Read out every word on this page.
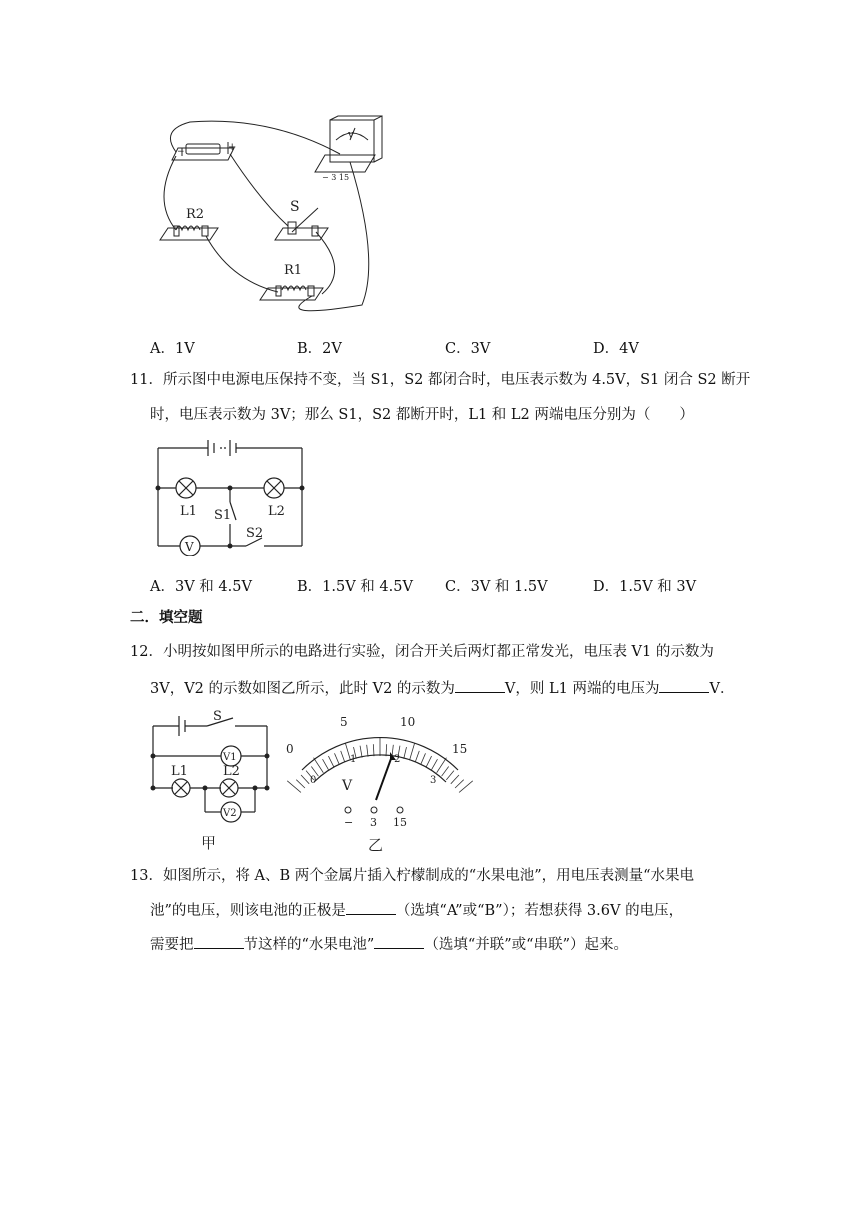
−	+
V
− 3 15
R2	S
R1
A．1V	B．2V	C．3V	D．4V
11．所示图中电源电压保持不变，当 S1，S2 都闭合时，电压表示数为 4.5V，S1 闭合 S2 断开
时，电压表示数为 3V；那么 S1，S2 都断开时，L1 和 L2 两端电压分别为（　　）
L1	L2
S1
S2
V
A．3V 和 4.5V	B．1.5V 和 4.5V C．3V 和 1.5V	D．1.5V 和 3V
二．填空题
12．小明按如图甲所示的电路进行实验，闭合开关后两灯都正常发光，电压表 V1 的示数为
3V，V2 的示数如图乙所示，此时 V2 的示数为	V，则 L1 两端的电压为	V．
S
V1
L1	L2
V2
甲
0
5	10
15
0
1	2
3
V
− 3 15
乙
13．如图所示，将 A、B 两个金属片插入柠檬制成的“水果电池”，用电压表测量“水果电
池”的电压，则该电池的正极是	（选填“A”或“B”）；若想获得 3.6V 的电压，
需要把	节这样的“水果电池”	（选填“并联”或“串联”）起来。
